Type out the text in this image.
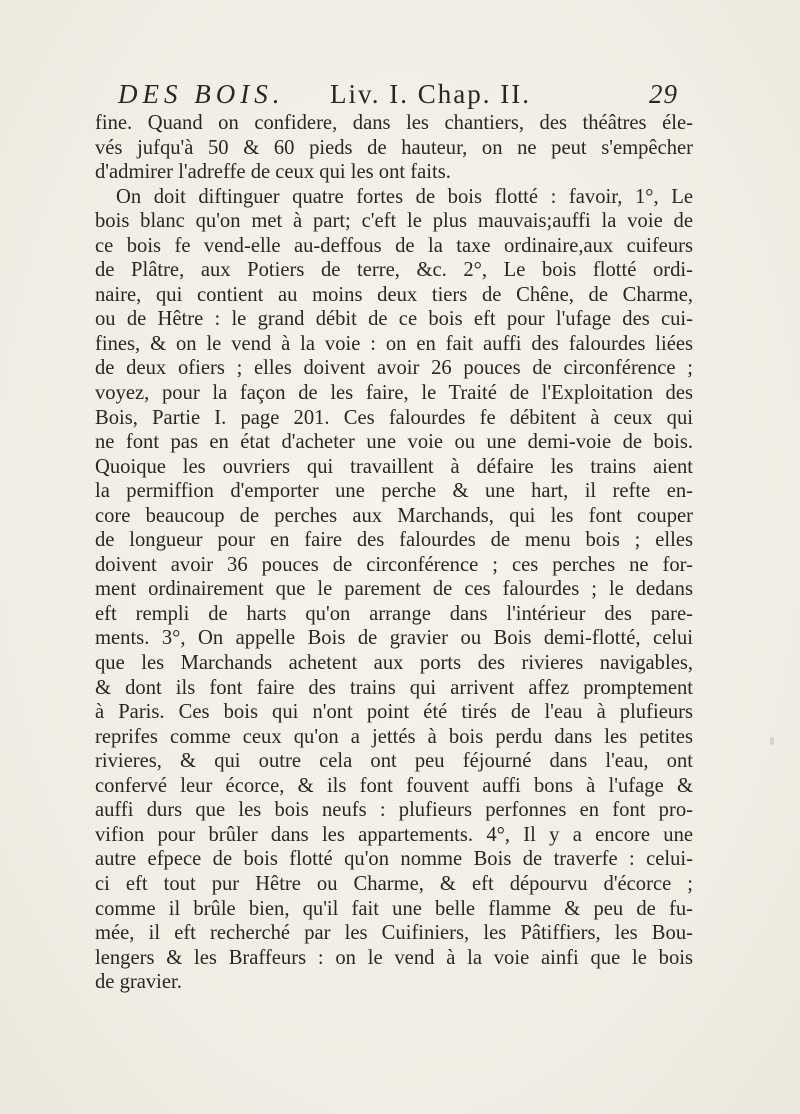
DES BOIS. Liv. I. Chap. II.	29
fine. Quand on confidere, dans les chantiers, des théâtres éle-
vés jufqu'à 50 & 60 pieds de hauteur, on ne peut s'empêcher
d'admirer l'adreffe de ceux qui les ont faits.
On doit diftinguer quatre fortes de bois flotté : favoir, 1°, Le
bois blanc qu'on met à part; c'eft le plus mauvais;auffi la voie de
ce bois fe vend-elle au-deffous de la taxe ordinaire,aux cuifeurs
de Plâtre, aux Potiers de terre, &c. 2°, Le bois flotté ordi-
naire, qui contient au moins deux tiers de Chêne, de Charme,
ou de Hêtre : le grand débit de ce bois eft pour l'ufage des cui-
fines, & on le vend à la voie : on en fait auffi des falourdes liées
de deux ofiers ; elles doivent avoir 26 pouces de circonférence ;
voyez, pour la façon de les faire, le Traité de l'Exploitation des
Bois, Partie I. page 201. Ces falourdes fe débitent à ceux qui
ne font pas en état d'acheter une voie ou une demi-voie de bois.
Quoique les ouvriers qui travaillent à défaire les trains aient
la permiffion d'emporter une perche & une hart, il refte en-
core beaucoup de perches aux Marchands, qui les font couper
de longueur pour en faire des falourdes de menu bois ; elles
doivent avoir 36 pouces de circonférence ; ces perches ne for-
ment ordinairement que le parement de ces falourdes ; le dedans
eft rempli de harts qu'on arrange dans l'intérieur des pare-
ments. 3°, On appelle Bois de gravier ou Bois demi-flotté, celui
que les Marchands achetent aux ports des rivieres navigables,
& dont ils font faire des trains qui arrivent affez promptement
à Paris. Ces bois qui n'ont point été tirés de l'eau à plufieurs
reprifes comme ceux qu'on a jettés à bois perdu dans les petites
rivieres, & qui outre cela ont peu féjourné dans l'eau, ont
confervé leur écorce, & ils font fouvent auffi bons à l'ufage &
auffi durs que les bois neufs : plufieurs perfonnes en font pro-
vifion pour brûler dans les appartements. 4°, Il y a encore une
autre efpece de bois flotté qu'on nomme Bois de traverfe : celui-
ci eft tout pur Hêtre ou Charme, & eft dépourvu d'écorce ;
comme il brûle bien, qu'il fait une belle flamme & peu de fu-
mée, il eft recherché par les Cuifiniers, les Pâtiffiers, les Bou-
lengers & les Braffeurs : on le vend à la voie ainfi que le bois
de gravier.
